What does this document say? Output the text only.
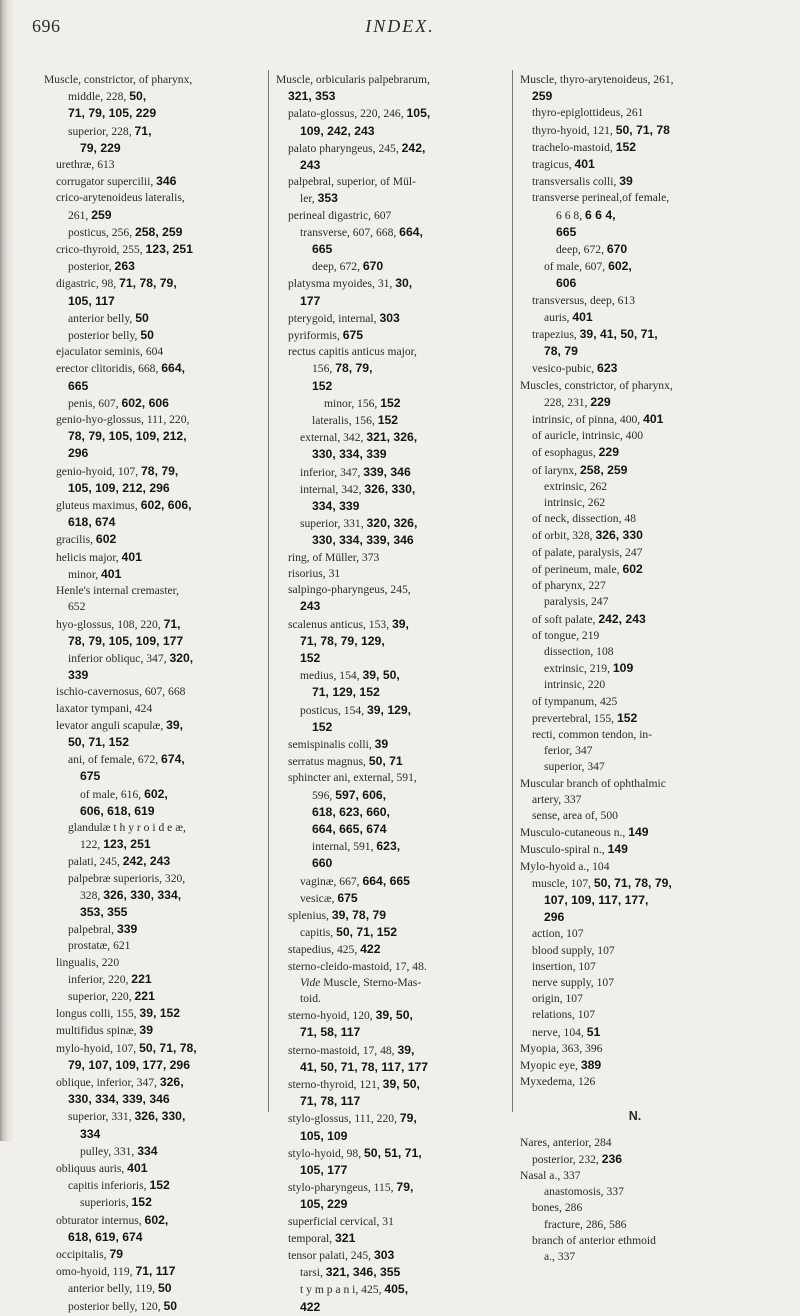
696	INDEX.
Muscle, constrictor, of pharynx,
middle, 228, 50,
71, 79, 105, 229
superior, 228, 71,
79, 229
urethræ, 613
corrugator supercilii, 346
crico-arytenoideus lateralis,
261, 259
posticus, 256, 258, 259
crico-thyroid, 255, 123, 251
posterior, 263
digastric, 98, 71, 78, 79,
105, 117
anterior belly, 50
posterior belly, 50
ejaculator seminis, 604
erector clitoridis, 668, 664,
665
penis, 607, 602, 606
genio-hyo-glossus, 111, 220,
78, 79, 105, 109, 212,
296
genio-hyoid, 107, 78, 79,
105, 109, 212, 296
gluteus maximus, 602, 606,
618, 674
gracilis, 602
helicis major, 401
minor, 401
Henle's internal cremaster,
652
hyo-glossus, 108, 220, 71,
78, 79, 105, 109, 177
inferior obliquc, 347, 320,
339
ischio-cavernosus, 607, 668
laxator tympani, 424
levator anguli scapulæ, 39,
50, 71, 152
ani, of female, 672, 674,
675
of male, 616, 602,
606, 618, 619
glandulæ t h y r o i d e æ,
122, 123, 251
palati, 245, 242, 243
palpebræ superioris, 320,
328, 326, 330, 334,
353, 355
palpebral, 339
prostatæ, 621
lingualis, 220
inferior, 220, 221
superior, 220, 221
longus colli, 155, 39, 152
multifidus spinæ, 39
mylo-hyoid, 107, 50, 71, 78,
79, 107, 109, 177, 296
oblique, inferior, 347, 326,
330, 334, 339, 346
superior, 331, 326, 330,
334
pulley, 331, 334
obliquus auris, 401
capitis inferioris, 152
superioris, 152
obturator internus, 602,
618, 619, 674
occipitalis, 79
omo-hyoid, 119, 71, 117
anterior belly, 119, 50
posterior belly, 120, 50
Muscle, orbicularis palpebrarum,
321, 353
palato-glossus, 220, 246, 105,
109, 242, 243
palato pharyngeus, 245, 242,
243
palpebral, superior, of Mül-
ler, 353
perineal digastric, 607
transverse, 607, 668, 664,
665
deep, 672, 670
platysma myoides, 31, 30,
177
pterygoid, internal, 303
pyriformis, 675
rectus capitis anticus major,
156, 78, 79,
152
minor, 156, 152
lateralis, 156, 152
external, 342, 321, 326,
330, 334, 339
inferior, 347, 339, 346
internal, 342, 326, 330,
334, 339
superior, 331, 320, 326,
330, 334, 339, 346
ring, of Müller, 373
risorius, 31
salpingo-pharyngeus, 245,
243
scalenus anticus, 153, 39,
71, 78, 79, 129,
152
medius, 154, 39, 50,
71, 129, 152
posticus, 154, 39, 129,
152
semispinalis colli, 39
serratus magnus, 50, 71
sphincter ani, external, 591,
596, 597, 606,
618, 623, 660,
664, 665, 674
internal, 591, 623,
660
vaginæ, 667, 664, 665
vesicæ, 675
splenius, 39, 78, 79
capitis, 50, 71, 152
stapedius, 425, 422
sterno-cleido-mastoid, 17, 48.
Vide Muscle, Sterno-Mas-
toid.
sterno-hyoid, 120, 39, 50,
71, 58, 117
sterno-mastoid, 17, 48, 39,
41, 50, 71, 78, 117, 177
sterno-thyroid, 121, 39, 50,
71, 78, 117
stylo-glossus, 111, 220, 79,
105, 109
stylo-hyoid, 98, 50, 51, 71,
105, 177
stylo-pharyngeus, 115, 79,
105, 229
superficial cervical, 31
temporal, 321
tensor palati, 245, 303
tarsi, 321, 346, 355
t y m p a n i, 425, 405,
422
Muscle, thyro-arytenoideus, 261,
259
thyro-epiglottideus, 261
thyro-hyoid, 121, 50, 71, 78
trachelo-mastoid, 152
tragicus, 401
transversalis colli, 39
transverse perineal,of female,
6 6 8, 6 6 4,
665
deep, 672, 670
of male, 607, 602,
606
transversus, deep, 613
auris, 401
trapezius, 39, 41, 50, 71,
78, 79
vesico-pubic, 623
Muscles, constrictor, of pharynx,
228, 231, 229
intrinsic, of pinna, 400, 401
of auricle, intrinsic, 400
of esophagus, 229
of larynx, 258, 259
extrinsic, 262
intrinsic, 262
of neck, dissection, 48
of orbit, 328, 326, 330
of palate, paralysis, 247
of perineum, male, 602
of pharynx, 227
paralysis, 247
of soft palate, 242, 243
of tongue, 219
dissection, 108
extrinsic, 219, 109
intrinsic, 220
of tympanum, 425
prevertebral, 155, 152
recti, common tendon, in-
ferior, 347
superior, 347
Muscular branch of ophthalmic
artery, 337
sense, area of, 500
Musculo-cutaneous n., 149
Musculo-spiral n., 149
Mylo-hyoid a., 104
muscle, 107, 50, 71, 78, 79,
107, 109, 117, 177,
296
action, 107
blood supply, 107
insertion, 107
nerve supply, 107
origin, 107
relations, 107
nerve, 104, 51
Myopia, 363, 396
Myopic eye, 389
Myxedema, 126
N.
Nares, anterior, 284
posterior, 232, 236
Nasal a., 337
anastomosis, 337
bones, 286
fracture, 286, 586
branch of anterior ethmoid
a., 337
